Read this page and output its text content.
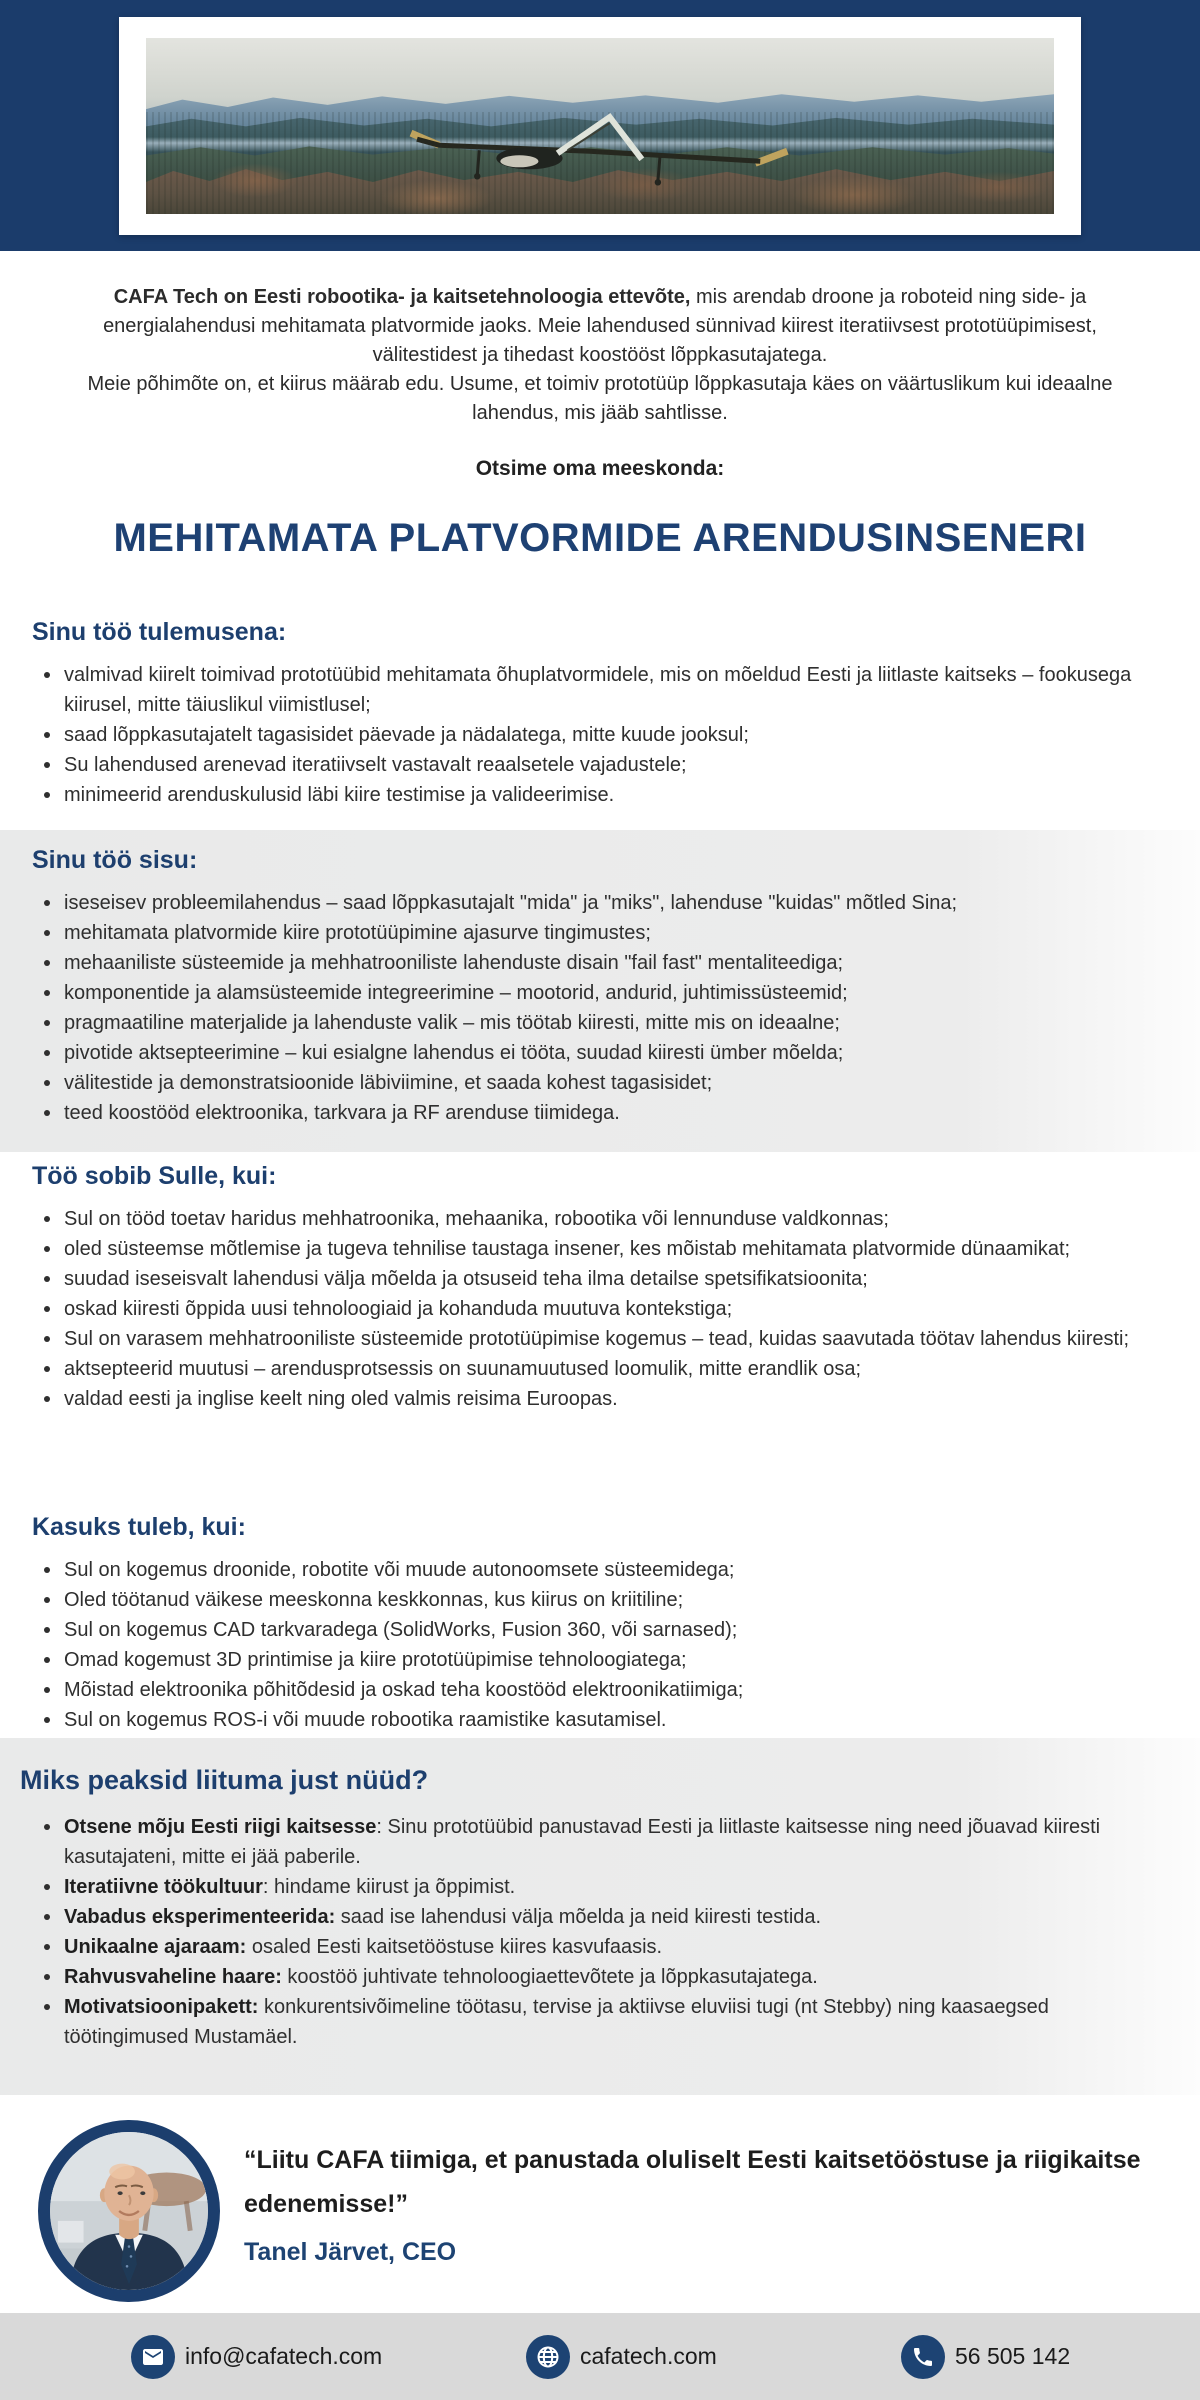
CAFA Tech on Eesti robootika- ja kaitsetehnoloogia ettevõte, mis arendab droone ja roboteid ning side- ja energialahendusi mehitamata platvormide jaoks. Meie lahendused sünnivad kiirest iteratiivsest prototüüpimisest, välitestidest ja tihedast koostööst lõppkasutajatega.

Meie põhimõte on, et kiirus määrab edu. Usume, et toimiv prototüüp lõppkasutaja käes on väärtuslikum kui ideaalne lahendus, mis jääb sahtlisse.

Otsime oma meeskonda:

MEHITAMATA PLATVORMIDE ARENDUSINSENERI
Sinu töö tulemusena:
valmivad kiirelt toimivad prototüübid mehitamata õhuplatvormidele, mis on mõeldud Eesti ja liitlaste kaitseks – fookusega kiirusel, mitte täiuslikul viimistlusel;
saad lõppkasutajatelt tagasisidet päevade ja nädalatega, mitte kuude jooksul;
Su lahendused arenevad iteratiivselt vastavalt reaalsetele vajadustele;
minimeerid arenduskulusid läbi kiire testimise ja valideerimise.
Sinu töö sisu:
iseseisev probleemilahendus – saad lõppkasutajalt "mida" ja "miks", lahenduse "kuidas" mõtled Sina;
mehitamata platvormide kiire prototüüpimine ajasurve tingimustes;
mehaaniliste süsteemide ja mehhatrooniliste lahenduste disain "fail fast" mentaliteediga;
komponentide ja alamsüsteemide integreerimine – mootorid, andurid, juhtimissüsteemid;
pragmaatiline materjalide ja lahenduste valik – mis töötab kiiresti, mitte mis on ideaalne;
pivotide aktsepteerimine – kui esialgne lahendus ei tööta, suudad kiiresti ümber mõelda;
välitestide ja demonstratsioonide läbiviimine, et saada kohest tagasisidet;
teed koostööd elektroonika, tarkvara ja RF arenduse tiimidega.
Töö sobib Sulle, kui:
Sul on tööd toetav haridus mehhatroonika, mehaanika, robootika või lennunduse valdkonnas;
oled süsteemse mõtlemise ja tugeva tehnilise taustaga insener, kes mõistab mehitamata platvormide dünaamikat;
suudad iseseisvalt lahendusi välja mõelda ja otsuseid teha ilma detailse spetsifikatsioonita;
oskad kiiresti õppida uusi tehnoloogiaid ja kohanduda muutuva kontekstiga;
Sul on varasem mehhatrooniliste süsteemide prototüüpimise kogemus – tead, kuidas saavutada töötav lahendus kiiresti;
aktsepteerid muutusi – arendusprotsessis on suunamuutused loomulik, mitte erandlik osa;
valdad eesti ja inglise keelt ning oled valmis reisima Euroopas.
Kasuks tuleb, kui:
Sul on kogemus droonide, robotite või muude autonoomsete süsteemidega;
Oled töötanud väikese meeskonna keskkonnas, kus kiirus on kriitiline;
Sul on kogemus CAD tarkvaradega (SolidWorks, Fusion 360, või sarnased);
Omad kogemust 3D printimise ja kiire prototüüpimise tehnoloogiatega;
Mõistad elektroonika põhitõdesid ja oskad teha koostööd elektroonikatiimiga;
Sul on kogemus ROS-i või muude robootika raamistike kasutamisel.
Miks peaksid liituma just nüüd?
Otsene mõju Eesti riigi kaitsesse: Sinu prototüübid panustavad Eesti ja liitlaste kaitsesse ning need jõuavad kiiresti kasutajateni, mitte ei jää paberile.
Iteratiivne töökultuur: hindame kiirust ja õppimist.
Vabadus eksperimenteerida: saad ise lahendusi välja mõelda ja neid kiiresti testida.
Unikaalne ajaraam: osaled Eesti kaitsetööstuse kiires kasvufaasis.
Rahvusvaheline haare: koostöö juhtivate tehnoloogiaettevõtete ja lõppkasutajatega.
Motivatsioonipakett: konkurentsivõimeline töötasu, tervise ja aktiivse eluviisi tugi (nt Stebby) ning kaasaegsed töötingimused Mustamäel.

“Liitu CAFA tiimiga, et panustada oluliselt Eesti kaitsetööstuse ja riigikaitse edenemisse!”

Tanel Järvet, CEO

info@cafatech.com	cafatech.com	56 505 142
